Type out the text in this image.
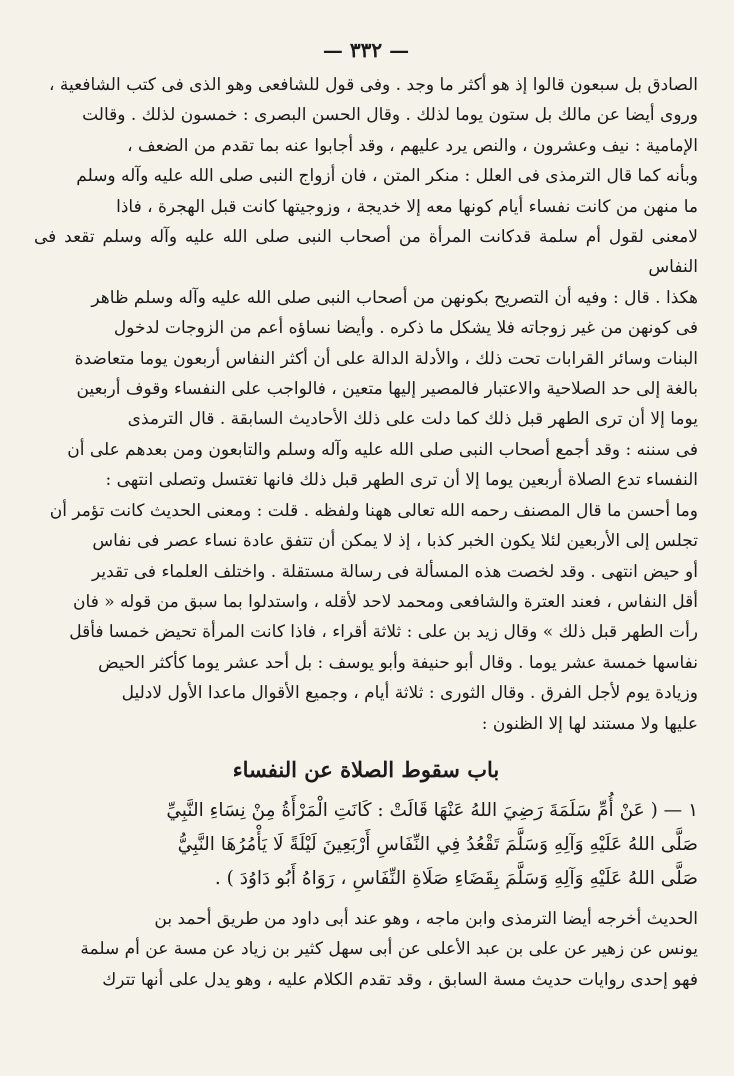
— ٣٣٢ —

الصادق بل سبعون قالوا إذ هو أكثر ما وجد . وفى قول للشافعى وهو الذى فى كتب الشافعية ،

وروى أيضا عن مالك بل ستون يوما لذلك . وقال الحسن البصرى : خمسون لذلك . وقالت

الإمامية : نيف وعشرون ، والنص يرد عليهم ، وقد أجابوا عنه بما تقدم من الضعف ،

وبأنه كما قال الترمذى فى العلل : منكر المتن ، فان أزواج النبى صلى الله عليه وآله وسلم

ما منهن من كانت نفساء أيام كونها معه إلا خديجة ، وزوجيتها كانت قبل الهجرة ، فاذا

لامعنى لقول أم سلمة قدكانت المرأة من أصحاب النبى صلى الله عليه وآله وسلم تقعد فى النفاس

هكذا . قال : وفيه أن التصريح بكونهن من أصحاب النبى صلى الله عليه وآله وسلم ظاهر

فى كونهن من غير زوجاته فلا يشكل ما ذكره . وأيضا نساؤه أعم من الزوجات لدخول

البنات وسائر القرابات تحت ذلك ، والأدلة الدالة على أن أكثر النفاس أربعون يوما متعاضدة

بالغة إلى حد الصلاحية والاعتبار فالمصير إليها متعين ، فالواجب على النفساء وقوف أربعين

يوما إلا أن ترى الطهر قبل ذلك كما دلت على ذلك الأحاديث السابقة . قال الترمذى

فى سننه : وقد أجمع أصحاب النبى صلى الله عليه وآله وسلم والتابعون ومن بعدهم على أن

النفساء تدع الصلاة أربعين يوما إلا أن ترى الطهر قبل ذلك فانها تغتسل وتصلى انتهى :

وما أحسن ما قال المصنف رحمه الله تعالى ههنا ولفظه . قلت : ومعنى الحديث كانت تؤمر أن

تجلس إلى الأربعين لئلا يكون الخبر كذبا ، إذ لا يمكن أن تتفق عادة نساء عصر فى نفاس

أو حيض انتهى . وقد لخصت هذه المسألة فى رسالة مستقلة . واختلف العلماء فى تقدير

أقل النفاس ، فعند العترة والشافعى ومحمد لاحد لأقله ، واستدلوا بما سبق من قوله « فان

رأت الطهر قبل ذلك » وقال زيد بن على : ثلاثة أقراء ، فاذا كانت المرأة تحيض خمسا فأقل

نفاسها خمسة عشر يوما . وقال أبو حنيفة وأبو يوسف : بل أحد عشر يوما كأكثر الحيض

وزيادة يوم لأجل الفرق . وقال الثورى : ثلاثة أيام ، وجميع الأقوال ماعدا الأول لادليل

عليها ولا مستند لها إلا الظنون :

باب سقوط الصلاة عن النفساء

١ — ( عَنْ أُمِّ سَلَمَةَ رَضِيَ اللهُ عَنْهَا قَالَتْ : كَانَتِ الْمَرْأَةُ مِنْ نِسَاءِ النَّبِيِّ

صَلَّى اللهُ عَلَيْهِ وَآلِهِ وَسَلَّمَ تَقْعُدُ فِي النِّفَاسِ أَرْبَعِينَ لَيْلَةً لَا يَأْمُرُهَا النَّبِيُّ

صَلَّى اللهُ عَلَيْهِ وَآلِهِ وَسَلَّمَ بِقَضَاءِ صَلَاةِ النِّفَاسِ ، رَوَاهُ أَبُو دَاوُدَ ) .

الحديث أخرجه أيضا الترمذى وابن ماجه ، وهو عند أبى داود من طريق أحمد بن

يونس عن زهير عن على بن عبد الأعلى عن أبى سهل كثير بن زياد عن مسة عن أم سلمة

فهو إحدى روايات حديث مسة السابق ، وقد تقدم الكلام عليه ، وهو يدل على أنها تترك
